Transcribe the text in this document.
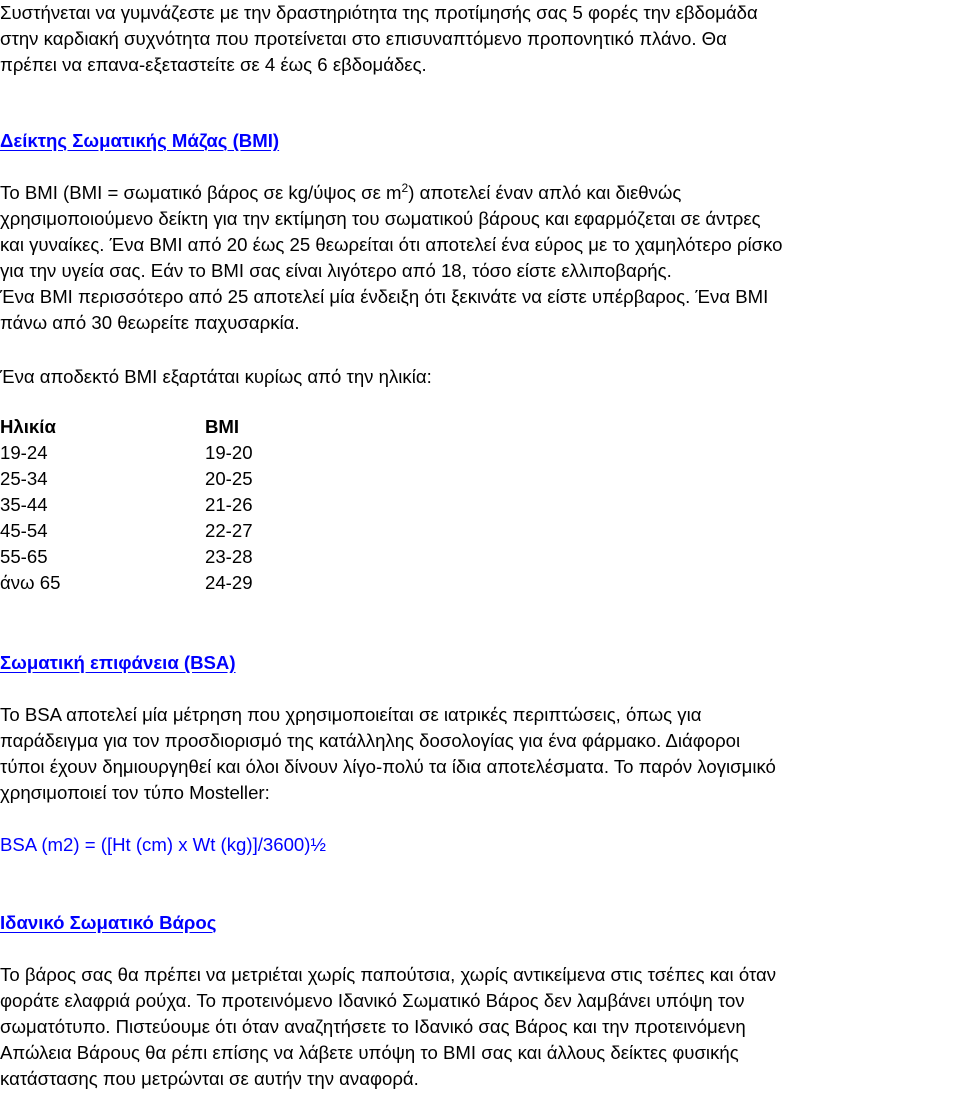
Συστήνεται να γυμνάζεστε με την δραστηριότητα της προτίμησής σας 5 φορές την εβδομάδα
στην καρδιακή συχνότητα που προτείνεται στο επισυναπτόμενο προπονητικό πλάνο. Θα
πρέπει να επανα-εξεταστείτε σε 4 έως 6 εβδομάδες.

Δείκτης Σωματικής Μάζας (BMI)

Το BMI (BMI = σωματικό βάρος σε kg/ύψος σε $m^2$) αποτελεί έναν απλό και διεθνώς
χρησιμοποιούμενο δείκτη για την εκτίμηση του σωματικού βάρους και εφαρμόζεται σε άντρες
και γυναίκες. Ένα BMI από 20 έως 25 θεωρείται ότι αποτελεί ένα εύρος με το χαμηλότερο ρίσκο
για την υγεία σας. Εάν το BMI σας είναι λιγότερο από 18, τόσο είστε ελλιποβαρής.
Ένα BMI περισσότερο από 25 αποτελεί μία ένδειξη ότι ξεκινάτε να είστε υπέρβαρος. Ένα BMI
πάνω από 30 θεωρείτε παχυσαρκία.

Ένα αποδεκτό BMI εξαρτάται κυρίως από την ηλικία:

Ηλικία	BMI
19-24	19-20
25-34	20-25
35-44	21-26
45-54	22-27
55-65	23-28
άνω 65	24-29
Σωματική επιφάνεια (BSA)

Το BSA αποτελεί μία μέτρηση που χρησιμοποιείται σε ιατρικές περιπτώσεις, όπως για
παράδειγμα για τον προσδιορισμό της κατάλληλης δοσολογίας για ένα φάρμακο. Διάφοροι
τύποι έχουν δημιουργηθεί και όλοι δίνουν λίγο-πολύ τα ίδια αποτελέσματα. Το παρόν λογισμικό
χρησιμοποιεί τον τύπο Mosteller:

BSA (m2) = ([Ht (cm) x Wt (kg)]/3600)½

Ιδανικό Σωματικό Βάρος

Το βάρος σας θα πρέπει να μετριέται χωρίς παπούτσια, χωρίς αντικείμενα στις τσέπες και όταν
φοράτε ελαφριά ρούχα. Το προτεινόμενο Ιδανικό Σωματικό Βάρος δεν λαμβάνει υπόψη τον
σωματότυπο. Πιστεύουμε ότι όταν αναζητήσετε το Ιδανικό σας Βάρος και την προτεινόμενη
Απώλεια Βάρους θα ρέπι επίσης να λάβετε υπόψη το BMI σας και άλλους δείκτες φυσικής
κατάστασης που μετρώνται σε αυτήν την αναφορά.
